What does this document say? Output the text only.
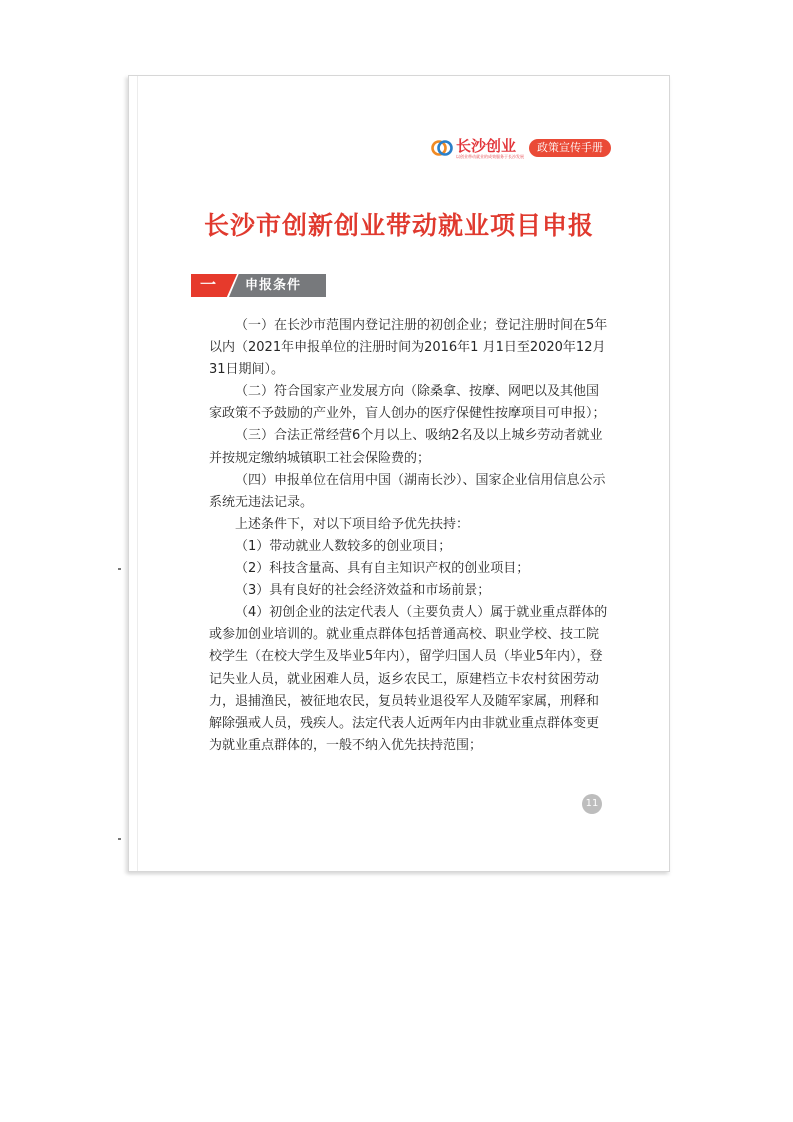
长沙创业
以创业带动就业的成效服务于长沙发展
政策宣传手册
长沙市创新创业带动就业项目申报
一	申报条件

（一）在长沙市范围内登记注册的初创企业；登记注册时间在5年以内（2021年申报单位的注册时间为2016年1 月1日至2020年12月31日期间）。

（二）符合国家产业发展方向（除桑拿、按摩、网吧以及其他国家政策不予鼓励的产业外，盲人创办的医疗保健性按摩项目可申报）；

（三）合法正常经营6个月以上、吸纳2名及以上城乡劳动者就业并按规定缴纳城镇职工社会保险费的；

（四）申报单位在信用中国（湖南长沙）、国家企业信用信息公示系统无违法记录。

上述条件下，对以下项目给予优先扶持：

（1）带动就业人数较多的创业项目；

（2）科技含量高、具有自主知识产权的创业项目；

（3）具有良好的社会经济效益和市场前景；

（4）初创企业的法定代表人（主要负责人）属于就业重点群体的或参加创业培训的。就业重点群体包括普通高校、职业学校、技工院校学生（在校大学生及毕业5年内），留学归国人员（毕业5年内），登记失业人员，就业困难人员，返乡农民工，原建档立卡农村贫困劳动力，退捕渔民，被征地农民，复员转业退役军人及随军家属，刑释和解除强戒人员，残疾人。法定代表人近两年内由非就业重点群体变更为就业重点群体的，一般不纳入优先扶持范围；

11
